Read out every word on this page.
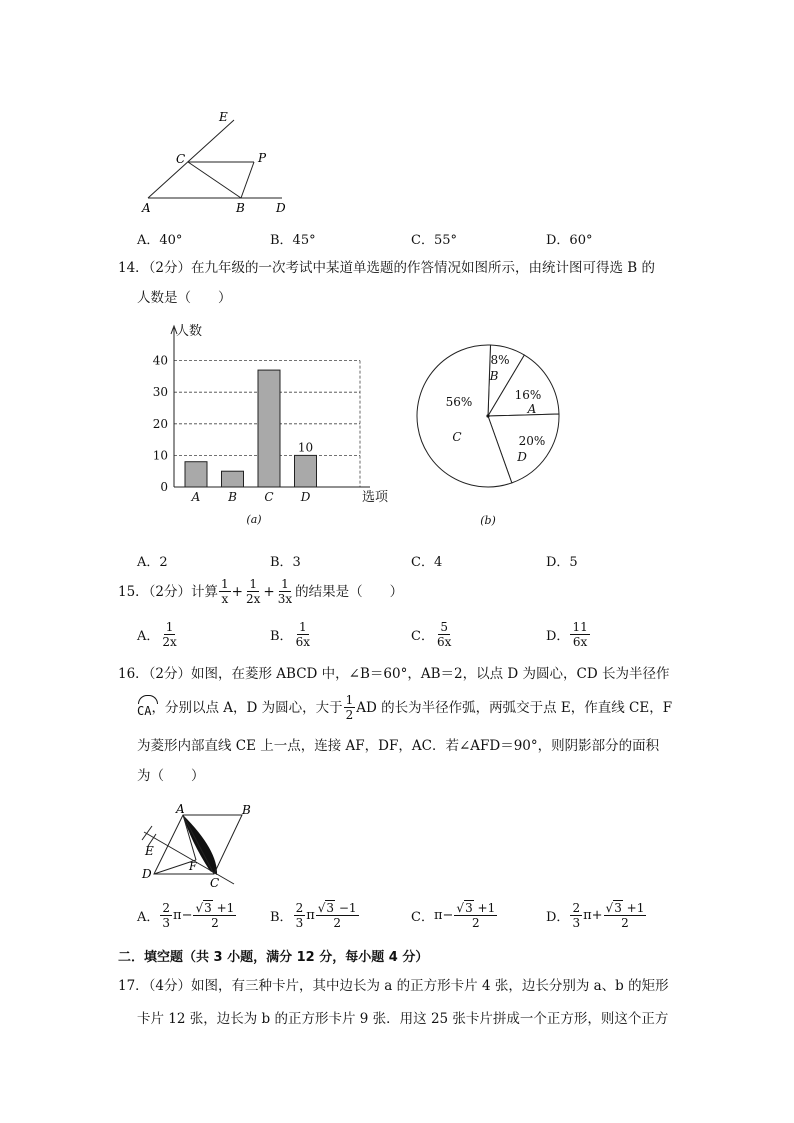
E
C	P
A	B	D
A．40°	B．45°	C．55°	D．60°
14．（2分）在九年级的一次考试中某道单选题的作答情况如图所示，由统计图可得选 B 的
人数是（　　）
0
10
20
30
40
A B C D
10
人数
选项
(a)
8%
B
16%
A
20%
D
56%
C
(b)
A．2	B．3	C．4	D．5
15．（2分）计算 $\frac{1}{x} + \frac{1}{2x} + \frac{1}{3x}$ 的结果是（　　）
A． $\frac{1}{2x}$	B． $\frac{1}{6x}$	C． $\frac{5}{6x}$	D． $\frac{11}{6x}$
16．（2分）如图，在菱形 ABCD 中，∠B＝60°，AB＝2，以点 D 为圆心，CD 长为半径作
CA ，分别以点 A，D 为圆心，大于 $\frac{1}{2}$ AD 的长为半径作弧，两弧交于点 E，作直线 CE，F
为菱形内部直线 CE 上一点，连接 AF，DF，AC．若∠AFD＝90°，则阴影部分的面积
为（　　）
A	B
C
D
E
F
A． $\frac{2}{3}$ $\pi - \frac{√3 +1}{2}$	B． $\frac{2}{3}$ π $\frac{√3 -1}{2}$	C． $\pi - \frac{√3 +1}{2}$	D． $\frac{2}{3}$ $\pi + \frac{√3 +1}{2}$
二．填空题（共 3 小题，满分 12 分，每小题 4 分）
17．（4分）如图，有三种卡片，其中边长为 a 的正方形卡片 4 张，边长分别为 a、b 的矩形
卡片 12 张，边长为 b 的正方形卡片 9 张．用这 25 张卡片拼成一个正方形，则这个正方
